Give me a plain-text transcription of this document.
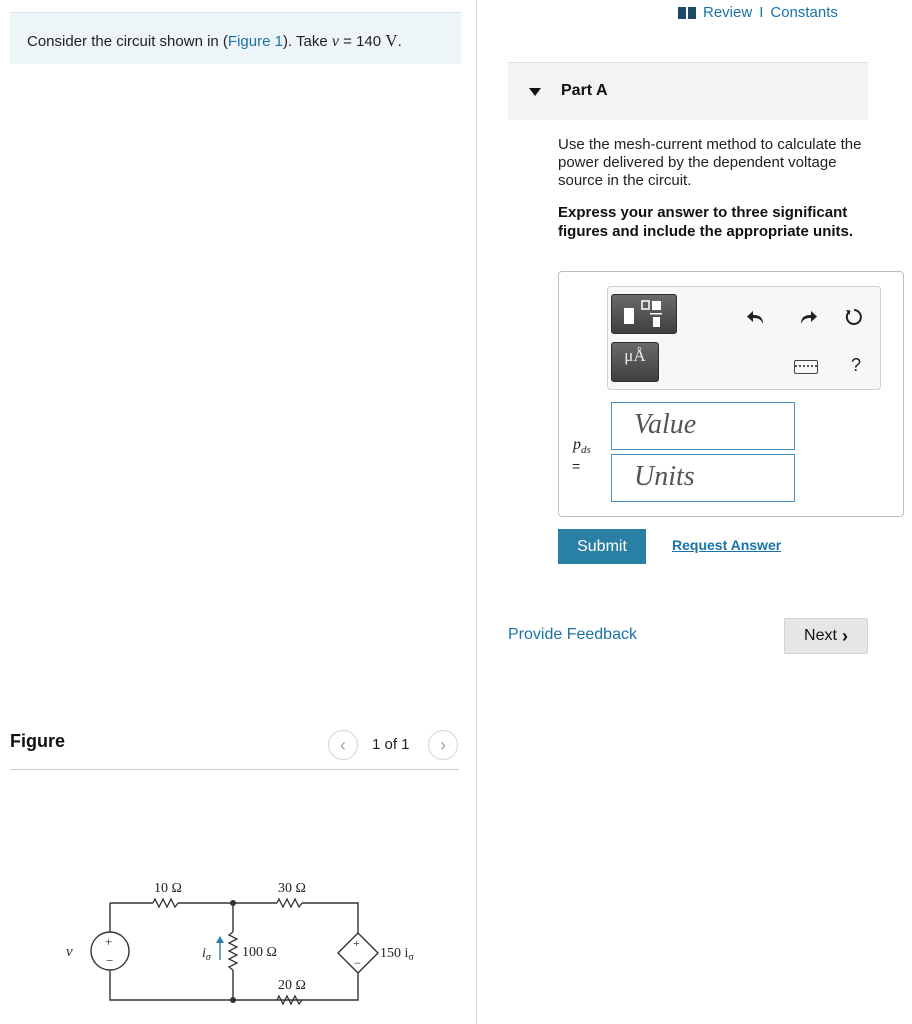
Consider the circuit shown in (Figure 1). Take v = 140 V.
Review I Constants
Part A
Use the mesh-current method to calculate the power delivered by the dependent voltage source in the circuit.
Express your answer to three significant figures and include the appropriate units.
μÅ	?
$p_{ds}$
=
Value
Units
Submit	Request Answer
Provide Feedback	Next ›
Figure	‹	1 of 1	›
+
−
v
+
−
150 $i_\sigma$
$i_\sigma$
10 Ω	30 Ω
100 Ω
20 Ω
